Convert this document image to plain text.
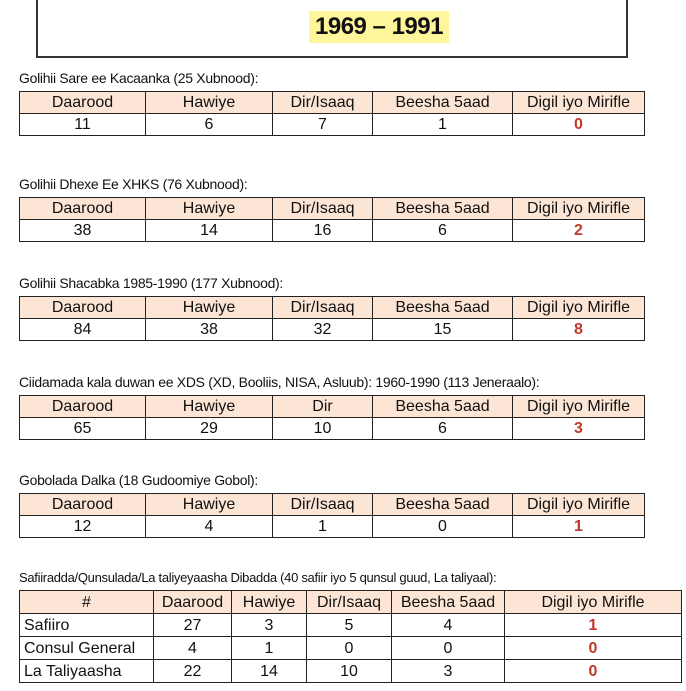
1969 – 1991
Golihii Sare ee Kacaanka (25 Xubnood):
Daarood	Hawiye	Dir/Isaaq	Beesha 5aad	Digil iyo Mirifle
11	6	7	1	0
Golihii Dhexe Ee XHKS (76 Xubnood):
Daarood	Hawiye	Dir/Isaaq	Beesha 5aad	Digil iyo Mirifle
38	14	16	6	2
Golihii Shacabka 1985-1990 (177 Xubnood):
Daarood	Hawiye	Dir/Isaaq	Beesha 5aad	Digil iyo Mirifle
84	38	32	15	8
Ciidamada kala duwan ee XDS (XD, Booliis, NISA, Asluub): 1960-1990 (113 Jeneraalo):
Daarood	Hawiye	Dir	Beesha 5aad	Digil iyo Mirifle
65	29	10	6	3
Gobolada Dalka (18 Gudoomiye Gobol):
Daarood	Hawiye	Dir/Isaaq	Beesha 5aad	Digil iyo Mirifle
12	4	1	0	1
Safiiradda/Qunsulada/La taliyeyaasha Dibadda (40 safiir iyo 5 qunsul guud, La taliyaal):
#	Daarood	Hawiye	Dir/Isaaq	Beesha 5aad	Digil iyo Mirifle
Safiiro	27	3	5	4	1
Consul General	4	1	0	0	0
La Taliyaasha	22	14	10	3	0
